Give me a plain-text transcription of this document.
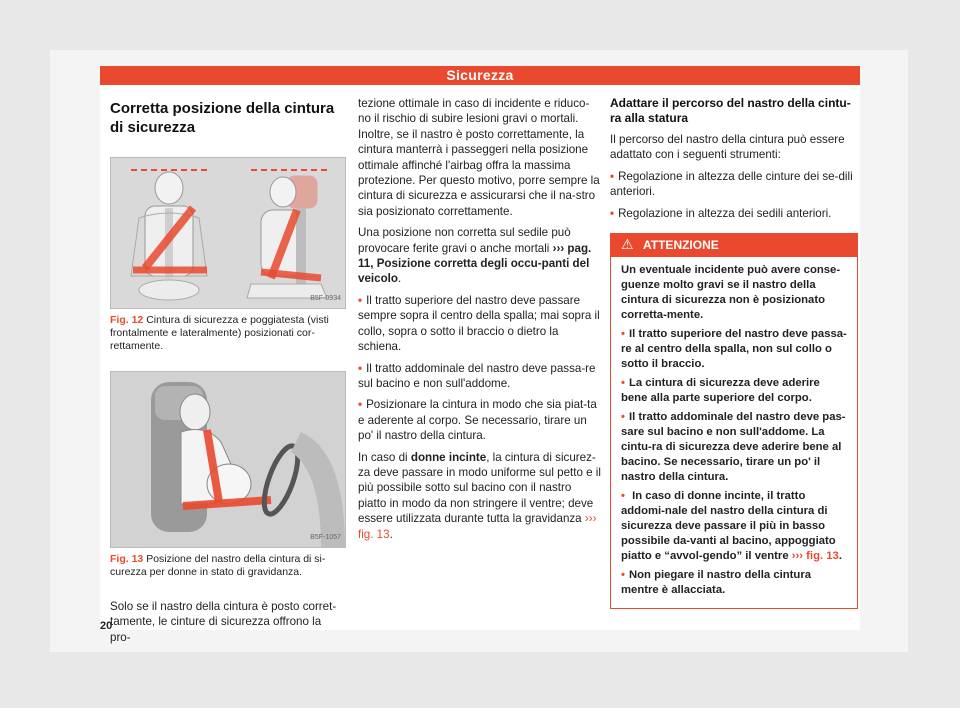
Sicurezza
Corretta posizione della cintura di sicurezza
B5F-0934
Fig. 12 Cintura di sicurezza e poggiatesta (visti frontalmente e lateralmente) posizionati cor-rettamente.
B5F-1057
Fig. 13 Posizione del nastro della cintura di si-curezza per donne in stato di gravidanza.

Solo se il nastro della cintura è posto corret-tamente, le cinture di sicurezza offrono la pro-

tezione ottimale in caso di incidente e riduco-no il rischio di subire lesioni gravi o mortali. Inoltre, se il nastro è posto correttamente, la cintura manterrà i passeggeri nella posizione ottimale affinché l'airbag offra la massima protezione. Per questo motivo, porre sempre la cintura di sicurezza e assicurarsi che il na-stro sia posizionato correttamente.

Una posizione non corretta sul sedile può provocare ferite gravi o anche mortali ››› pag. 11, Posizione corretta degli occu-panti del veicolo.

• Il tratto superiore del nastro deve passare sempre sopra il centro della spalla; mai sopra il collo, sopra o sotto il braccio o dietro la schiena.

• Il tratto addominale del nastro deve passa-re sul bacino e non sull'addome.

• Posizionare la cintura in modo che sia piat-ta e aderente al corpo. Se necessario, tirare un po' il nastro della cintura.

In caso di donne incinte, la cintura di sicurez-za deve passare in modo uniforme sul petto e il più possibile sotto sul bacino con il nastro piatto in modo da non stringere il ventre; deve essere utilizzata durante tutta la gravidanza ››› fig. 13.

Adattare il percorso del nastro della cintu-ra alla statura

Il percorso del nastro della cintura può essere adattato con i seguenti strumenti:

• Regolazione in altezza delle cinture dei se-dili anteriori.

• Regolazione in altezza dei sedili anteriori.

⚠ ATTENZIONE

Un eventuale incidente può avere conse-guenze molto gravi se il nastro della cintura di sicurezza non è posizionato corretta-mente.

• Il tratto superiore del nastro deve passa-re al centro della spalla, non sul collo o sotto il braccio.

• La cintura di sicurezza deve aderire bene alla parte superiore del corpo.

• Il tratto addominale del nastro deve pas-sare sul bacino e non sull'addome. La cintu-ra di sicurezza deve aderire bene al bacino. Se necessario, tirare un po' il nastro della cintura.

• In caso di donne incinte, il tratto addomi-nale del nastro della cintura di sicurezza deve passare il più in basso possibile da-vanti al bacino, appoggiato piatto e “avvol-gendo” il ventre ››› fig. 13.

• Non piegare il nastro della cintura mentre è allacciata.

20
